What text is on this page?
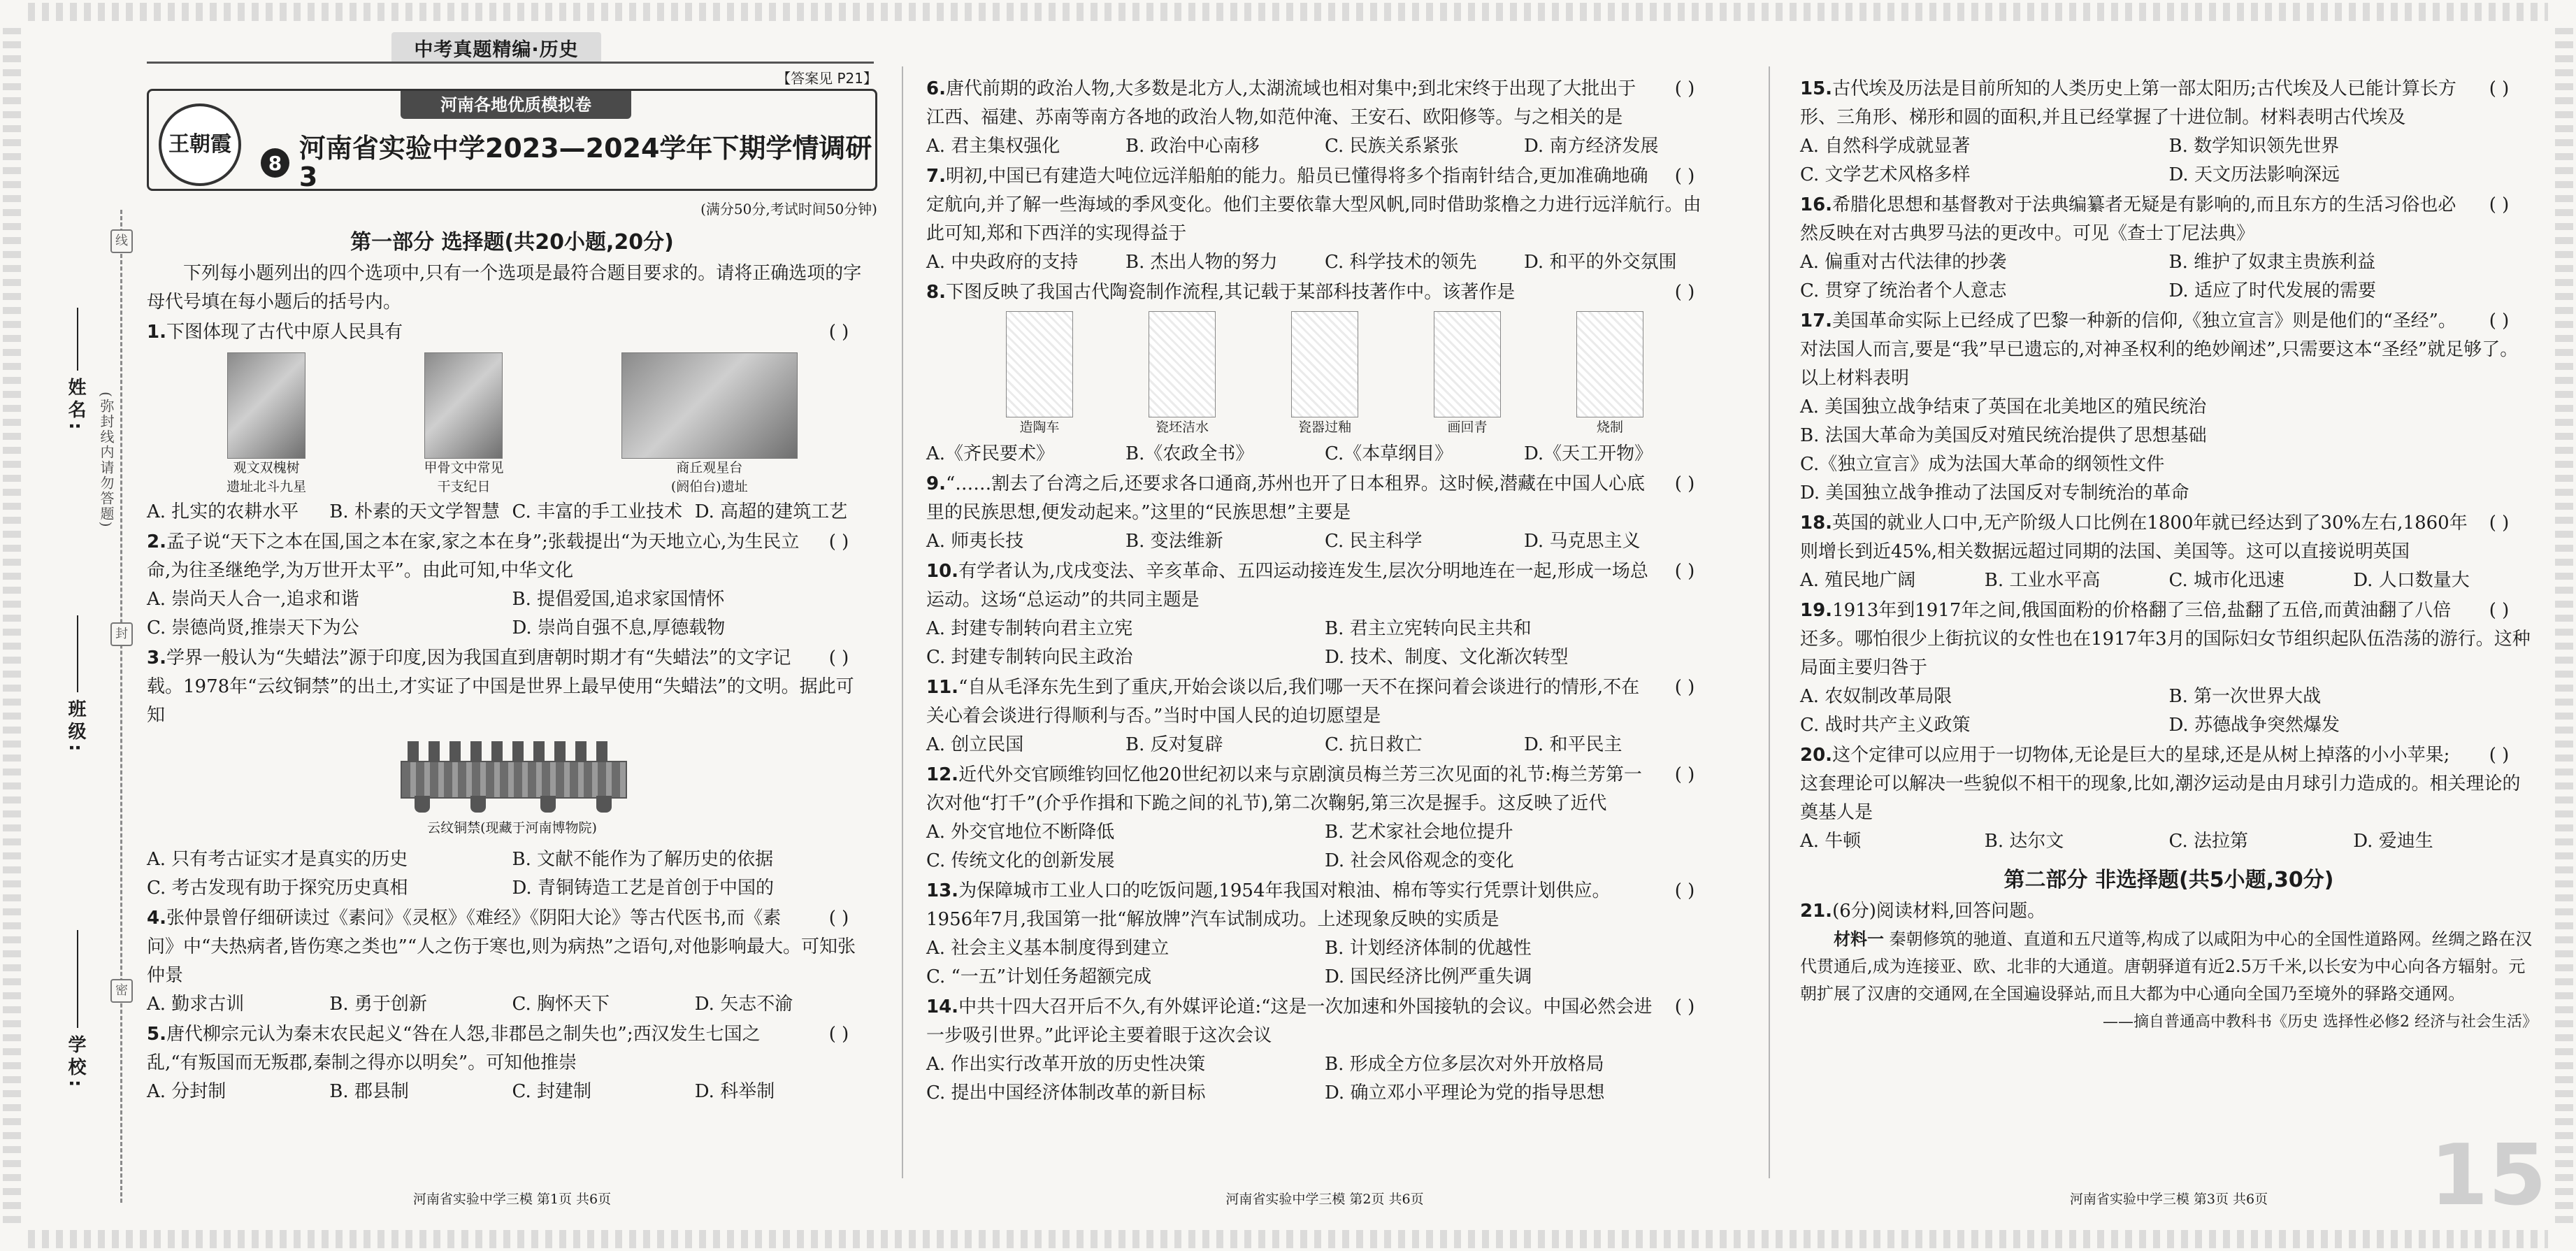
中考真题精编·历史
线
封
密
姓名:
班级:
学校:
(弥封线内请勿答题)
【答案见 P21】
王朝霞
河南各地优质模拟卷
8 河南省实验中学2023—2024学年下期学情调研3
(满分50分,考试时间50分钟)
第一部分 选择题(共20小题,20分)
下列每小题列出的四个选项中,只有一个选项是最符合题目要求的。请将正确选项的字母代号填在每小题后的括号内。
( )
1.下图体现了古代中原人民具有
观文双槐树
遗址北斗九星
甲骨文中常见
干支纪日
商丘观星台
(阏伯台)遗址
A. 扎实的农耕水平	B. 朴素的天文学智慧 C. 丰富的手工业技术 D. 高超的建筑工艺
( )
2.孟子说“天下之本在国,国之本在家,家之本在身”;张载提出“为天地立心,为生民立命,为往圣继绝学,为万世开太平”。由此可知,中华文化
A. 崇尚天人合一,追求和谐	B. 提倡爱国,追求家国情怀
C. 崇德尚贤,推崇天下为公	D. 崇尚自强不息,厚德载物
( )
3.学界一般认为“失蜡法”源于印度,因为我国直到唐朝时期才有“失蜡法”的文字记载。1978年“云纹铜禁”的出土,才实证了中国是世界上最早使用“失蜡法”的文明。据此可知
云纹铜禁(现藏于河南博物院)
A. 只有考古证实才是真实的历史	B. 文献不能作为了解历史的依据
C. 考古发现有助于探究历史真相	D. 青铜铸造工艺是首创于中国的
( )
4.张仲景曾仔细研读过《素问》《灵枢》《难经》《阴阳大论》等古代医书,而《素问》中“夫热病者,皆伤寒之类也”“人之伤于寒也,则为病热”之语句,对他影响最大。可知张仲景
A. 勤求古训	B. 勇于创新	C. 胸怀天下	D. 矢志不渝
( )
5.唐代柳宗元认为秦末农民起义“咎在人怨,非郡邑之制失也”;西汉发生七国之乱,“有叛国而无叛郡,秦制之得亦以明矣”。可知他推崇
A. 分封制	B. 郡县制	C. 封建制	D. 科举制
( )
6.唐代前期的政治人物,大多数是北方人,太湖流域也相对集中;到北宋终于出现了大批出于江西、福建、苏南等南方各地的政治人物,如范仲淹、王安石、欧阳修等。与之相关的是
A. 君主集权强化	B. 政治中心南移	C. 民族关系紧张	D. 南方经济发展
( )
7.明初,中国已有建造大吨位远洋船舶的能力。船员已懂得将多个指南针结合,更加准确地确定航向,并了解一些海域的季风变化。他们主要依靠大型风帆,同时借助浆橹之力进行远洋航行。由此可知,郑和下西洋的实现得益于
A. 中央政府的支持	B. 杰出人物的努力	C. 科学技术的领先	D. 和平的外交氛围
( )
8.下图反映了我国古代陶瓷制作流程,其记载于某部科技著作中。该著作是
造陶车	瓷坯洁水	瓷器过釉	画回青	烧制
A.《齐民要术》	B.《农政全书》	C.《本草纲目》	D.《天工开物》
( )
9.“……割去了台湾之后,还要求各口通商,苏州也开了日本租界。这时候,潜藏在中国人心底里的民族思想,便发动起来。”这里的“民族思想”主要是
A. 师夷长技	B. 变法维新	C. 民主科学	D. 马克思主义
( )
10.有学者认为,戊戌变法、辛亥革命、五四运动接连发生,层次分明地连在一起,形成一场总运动。这场“总运动”的共同主题是
A. 封建专制转向君主立宪	B. 君主立宪转向民主共和
C. 封建专制转向民主政治	D. 技术、制度、文化渐次转型
( )
11.“自从毛泽东先生到了重庆,开始会谈以后,我们哪一天不在探问着会谈进行的情形,不在关心着会谈进行得顺利与否。”当时中国人民的迫切愿望是
A. 创立民国	B. 反对复辟	C. 抗日救亡	D. 和平民主
( )
12.近代外交官顾维钧回忆他20世纪初以来与京剧演员梅兰芳三次见面的礼节:梅兰芳第一次对他“打千”(介乎作揖和下跪之间的礼节),第二次鞠躬,第三次是握手。这反映了近代
A. 外交官地位不断降低	B. 艺术家社会地位提升
C. 传统文化的创新发展	D. 社会风俗观念的变化
( )
13.为保障城市工业人口的吃饭问题,1954年我国对粮油、棉布等实行凭票计划供应。1956年7月,我国第一批“解放牌”汽车试制成功。上述现象反映的实质是
A. 社会主义基本制度得到建立	B. 计划经济体制的优越性
C. “一五”计划任务超额完成	D. 国民经济比例严重失调
( )
14.中共十四大召开后不久,有外媒评论道:“这是一次加速和外国接轨的会议。中国必然会进一步吸引世界。”此评论主要着眼于这次会议
A. 作出实行改革开放的历史性决策	B. 形成全方位多层次对外开放格局
C. 提出中国经济体制改革的新目标	D. 确立邓小平理论为党的指导思想
( )
15.古代埃及历法是目前所知的人类历史上第一部太阳历;古代埃及人已能计算长方形、三角形、梯形和圆的面积,并且已经掌握了十进位制。材料表明古代埃及
A. 自然科学成就显著	B. 数学知识领先世界
C. 文学艺术风格多样	D. 天文历法影响深远
( )
16.希腊化思想和基督教对于法典编纂者无疑是有影响的,而且东方的生活习俗也必然反映在对古典罗马法的更改中。可见《查士丁尼法典》
A. 偏重对古代法律的抄袭	B. 维护了奴隶主贵族利益
C. 贯穿了统治者个人意志	D. 适应了时代发展的需要
( )
17.美国革命实际上已经成了巴黎一种新的信仰,《独立宣言》则是他们的“圣经”。对法国人而言,要是“我”早已遗忘的,对神圣权利的绝妙阐述”,只需要这本“圣经”就足够了。以上材料表明
A. 美国独立战争结束了英国在北美地区的殖民统治
B. 法国大革命为美国反对殖民统治提供了思想基础
C.《独立宣言》成为法国大革命的纲领性文件
D. 美国独立战争推动了法国反对专制统治的革命
( )
18.英国的就业人口中,无产阶级人口比例在1800年就已经达到了30%左右,1860年则增长到近45%,相关数据远超过同期的法国、美国等。这可以直接说明英国
A. 殖民地广阔	B. 工业水平高	C. 城市化迅速	D. 人口数量大
( )
19.1913年到1917年之间,俄国面粉的价格翻了三倍,盐翻了五倍,而黄油翻了八倍还多。哪怕很少上街抗议的女性也在1917年3月的国际妇女节组织起队伍浩荡的游行。这种局面主要归咎于
A. 农奴制改革局限	B. 第一次世界大战
C. 战时共产主义政策	D. 苏德战争突然爆发
( )
20.这个定律可以应用于一切物体,无论是巨大的星球,还是从树上掉落的小小苹果;这套理论可以解决一些貌似不相干的现象,比如,潮汐运动是由月球引力造成的。相关理论的奠基人是
A. 牛顿	B. 达尔文	C. 法拉第	D. 爱迪生
第二部分 非选择题(共5小题,30分)
21.(6分)阅读材料,回答问题。
材料一 秦朝修筑的驰道、直道和五尺道等,构成了以咸阳为中心的全国性道路网。丝绸之路在汉代贯通后,成为连接亚、欧、北非的大通道。唐朝驿道有近2.5万千米,以长安为中心向各方辐射。元朝扩展了汉唐的交通网,在全国遍设驿站,而且大都为中心通向全国乃至境外的驿路交通网。
——摘自普通高中教科书《历史 选择性必修2 经济与社会生活》
河南省实验中学三模 第1页 共6页	河南省实验中学三模 第2页 共6页	河南省实验中学三模 第3页 共6页	15
